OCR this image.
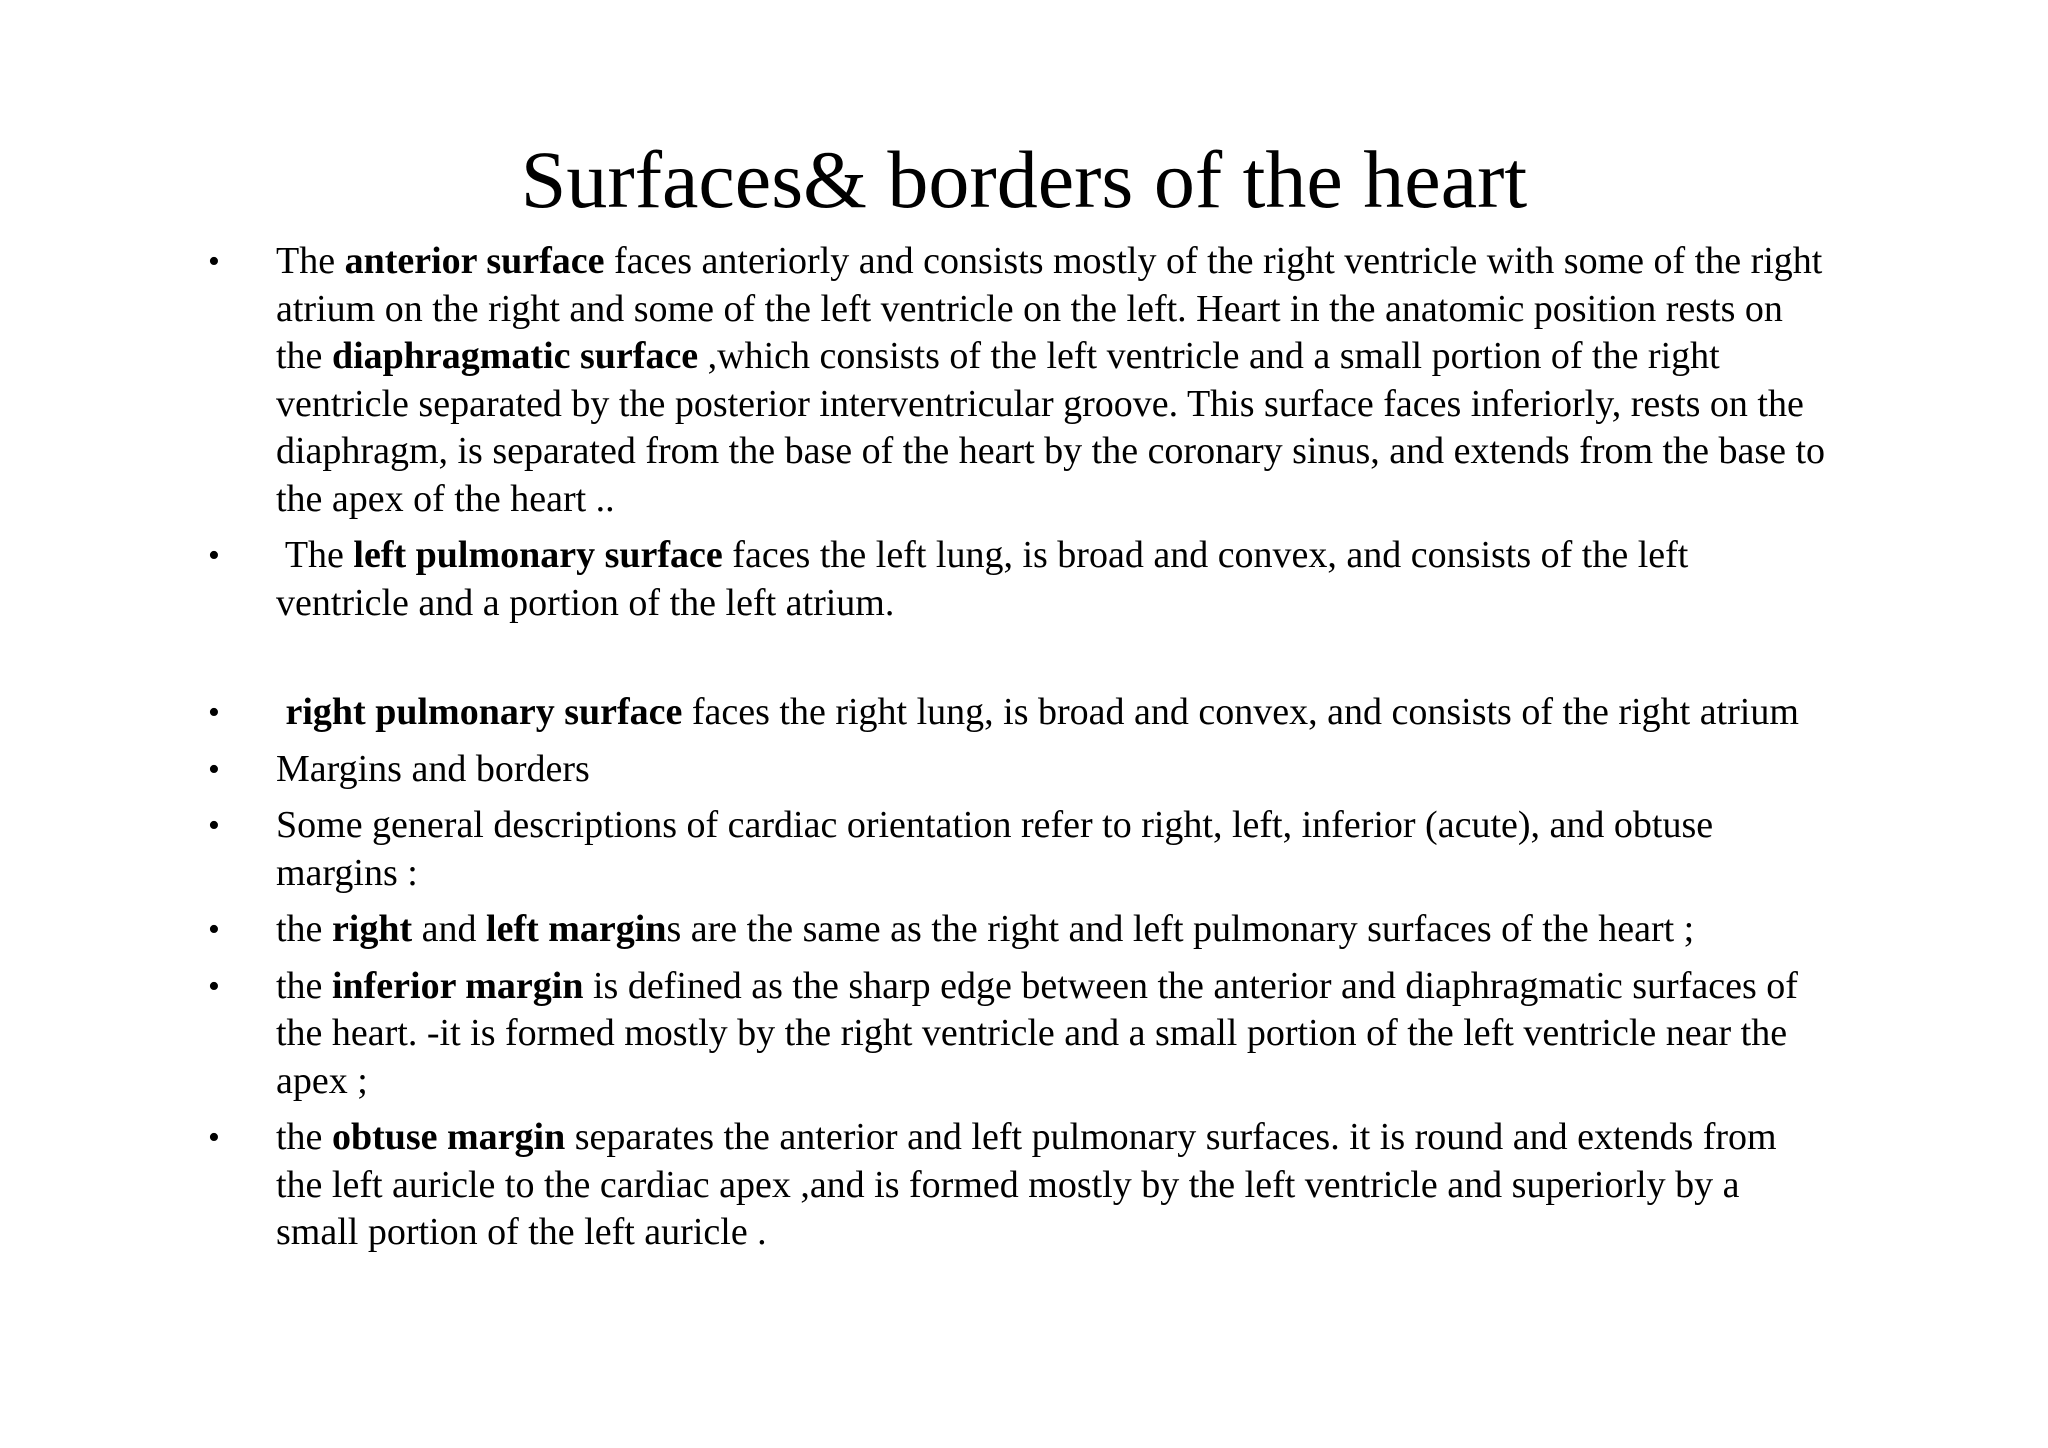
Surfaces& borders of the heart
•	The anterior surface faces anteriorly and consists mostly of the right ventricle with some of the right atrium on the right and some of the left ventricle on the left. Heart in the anatomic position rests on the diaphragmatic surface ,which consists of the left ventricle and a small portion of the right ventricle separated by the posterior interventricular groove. This surface faces inferiorly, rests on the diaphragm, is separated from the base of the heart by the coronary sinus, and extends from the base to the apex of the heart ..
•	The left pulmonary surface faces the left lung, is broad and convex, and consists of the left ventricle and a portion of the left atrium.
•	right pulmonary surface faces the right lung, is broad and convex, and consists of the right atrium
•	Margins and borders
•	Some general descriptions of cardiac orientation refer to right, left, inferior (acute), and obtuse margins :
•	the right and left margins are the same as the right and left pulmonary surfaces of the heart ;
•	the inferior margin is defined as the sharp edge between the anterior and diaphragmatic surfaces of the heart. -it is formed mostly by the right ventricle and a small portion of the left ventricle near the apex ;
•	the obtuse margin separates the anterior and left pulmonary surfaces. it is round and extends from the left auricle to the cardiac apex ,and is formed mostly by the left ventricle and superiorly by a small portion of the left auricle .
